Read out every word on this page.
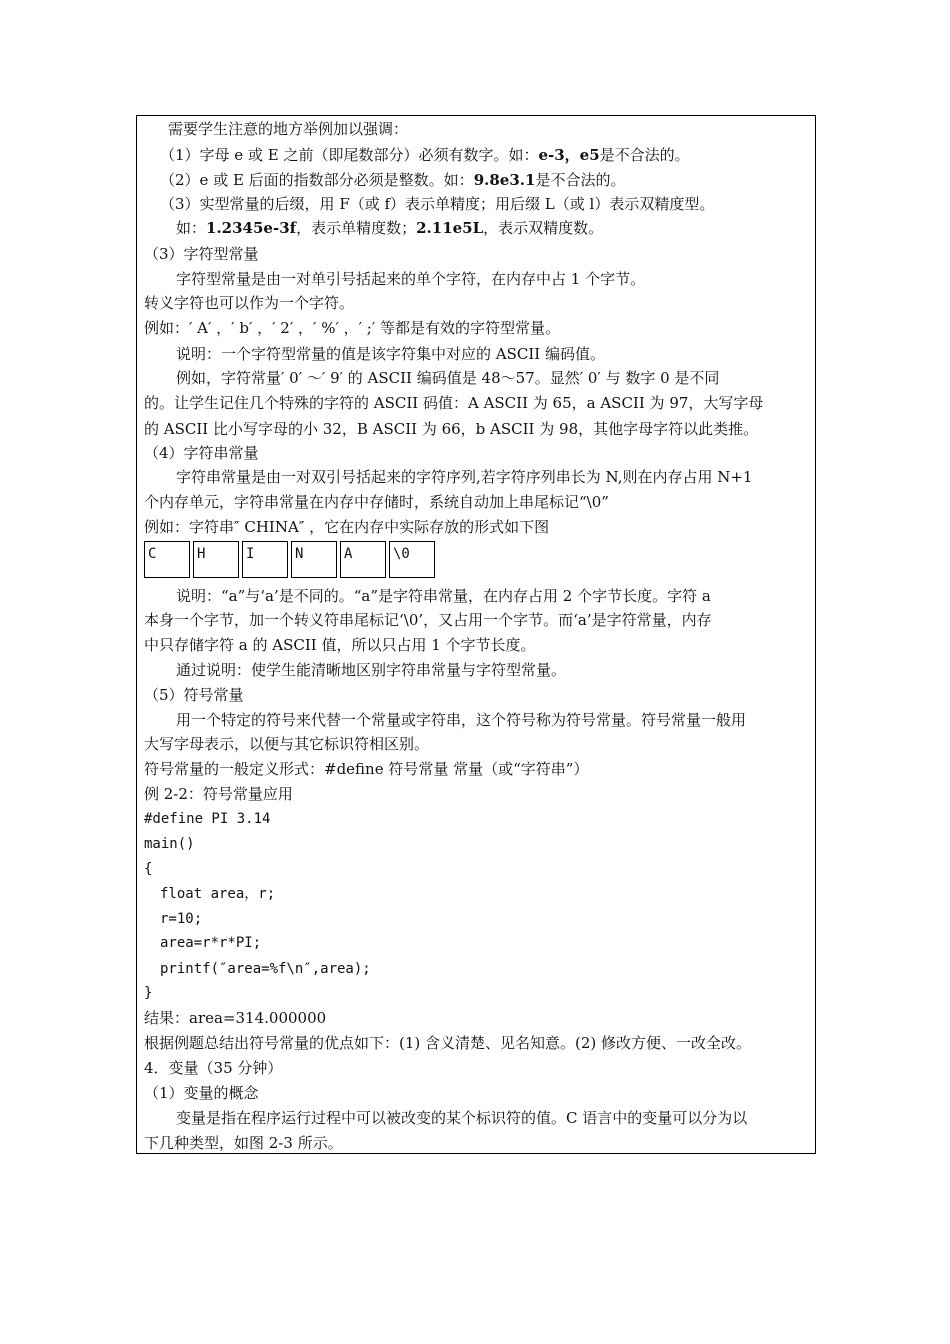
需要学生注意的地方举例加以强调：
（1）字母 e 或 E 之前（即尾数部分）必须有数字。如：e-3，e5是不合法的。
（2）e 或 E 后面的指数部分必须是整数。如：9.8e3.1是不合法的。
（3）实型常量的后缀，用 F（或 f）表示单精度；用后缀 L（或 l）表示双精度型。
如：1.2345e-3f，表示单精度数；2.11e5L，表示双精度数。
（3）字符型常量
字符型常量是由一对单引号括起来的单个字符，在内存中占 1 个字节。
转义字符也可以作为一个字符。
例如：′ A′ ，′ b′ ，′ 2′ ，′ %′ ，′ ;′ 等都是有效的字符型常量。
说明：一个字符型常量的值是该字符集中对应的 ASCII 编码值。
例如，字符常量′ 0′ ～′ 9′ 的 ASCII 编码值是 48～57。显然′ 0′ 与 数字 0 是不同
的。让学生记住几个特殊的字符的 ASCII 码值：A ASCII 为 65，a ASCII 为 97，大写字母
的 ASCII 比小写字母的小 32，B ASCII 为 66，b ASCII 为 98，其他字母字符以此类推。
（4）字符串常量
字符串常量是由一对双引号括起来的字符序列,若字符序列串长为 N,则在内存占用 N+1
个内存单元，字符串常量在内存中存储时，系统自动加上串尾标记“\0”
例如：字符串″ CHINA″ ，它在内存中实际存放的形式如下图
C	H	I	N	A	\0
说明：“a”与‘a’是不同的。“a”是字符串常量，在内存占用 2 个字节长度。字符 a
本身一个字节，加一个转义符串尾标记‘\0’，又占用一个字节。而‘a’是字符常量，内存
中只存储字符 a 的 ASCII 值，所以只占用 1 个字节长度。
通过说明：使学生能清晰地区别字符串常量与字符型常量。
（5）符号常量
用一个特定的符号来代替一个常量或字符串，这个符号称为符号常量。符号常量一般用
大写字母表示，以便与其它标识符相区别。
符号常量的一般定义形式：#define 符号常量 常量（或“字符串”）
例 2-2：符号常量应用
#define PI 3.14
main()
{
float area，r;
r=10;
area=r*r*PI;
printf(″area=%f\n″,area);
}
结果：area=314.000000
根据例题总结出符号常量的优点如下：(1) 含义清楚、见名知意。(2) 修改方便、一改全改。
4．变量（35 分钟）
（1）变量的概念
变量是指在程序运行过程中可以被改变的某个标识符的值。C 语言中的变量可以分为以
下几种类型，如图 2-3 所示。
